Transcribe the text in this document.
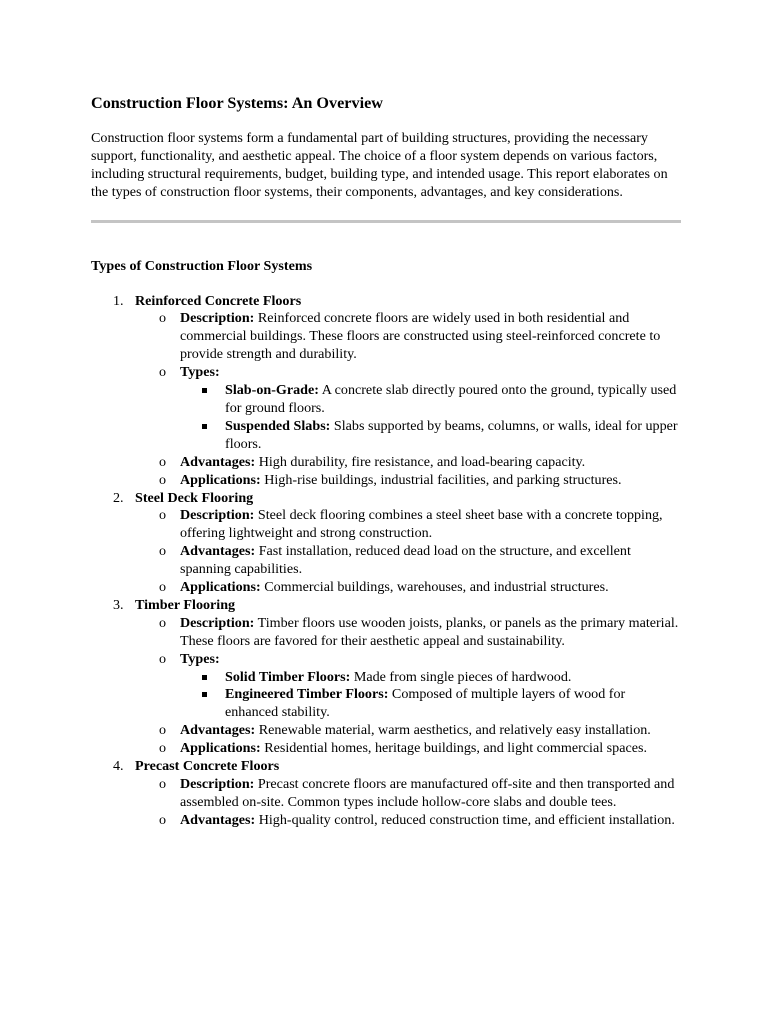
Construction Floor Systems: An Overview

Construction floor systems form a fundamental part of building structures, providing the necessary support, functionality, and aesthetic appeal. The choice of a floor system depends on various factors, including structural requirements, budget, building type, and intended usage. This report elaborates on the types of construction floor systems, their components, advantages, and key considerations.

Types of Construction Floor Systems

1. Reinforced Concrete Floors
o Description: Reinforced concrete floors are widely used in both residential and commercial buildings. These floors are constructed using steel-reinforced concrete to provide strength and durability.
o Types:
Slab-on-Grade: A concrete slab directly poured onto the ground, typically used for ground floors.
Suspended Slabs: Slabs supported by beams, columns, or walls, ideal for upper floors.
o Advantages: High durability, fire resistance, and load-bearing capacity.
o Applications: High-rise buildings, industrial facilities, and parking structures.
2. Steel Deck Flooring
o Description: Steel deck flooring combines a steel sheet base with a concrete topping, offering lightweight and strong construction.
o Advantages: Fast installation, reduced dead load on the structure, and excellent spanning capabilities.
o Applications: Commercial buildings, warehouses, and industrial structures.
3. Timber Flooring
o Description: Timber floors use wooden joists, planks, or panels as the primary material. These floors are favored for their aesthetic appeal and sustainability.
o Types:
Solid Timber Floors: Made from single pieces of hardwood.
Engineered Timber Floors: Composed of multiple layers of wood for enhanced stability.
o Advantages: Renewable material, warm aesthetics, and relatively easy installation.
o Applications: Residential homes, heritage buildings, and light commercial spaces.
4. Precast Concrete Floors
o Description: Precast concrete floors are manufactured off-site and then transported and assembled on-site. Common types include hollow-core slabs and double tees.
o Advantages: High-quality control, reduced construction time, and efficient installation.
